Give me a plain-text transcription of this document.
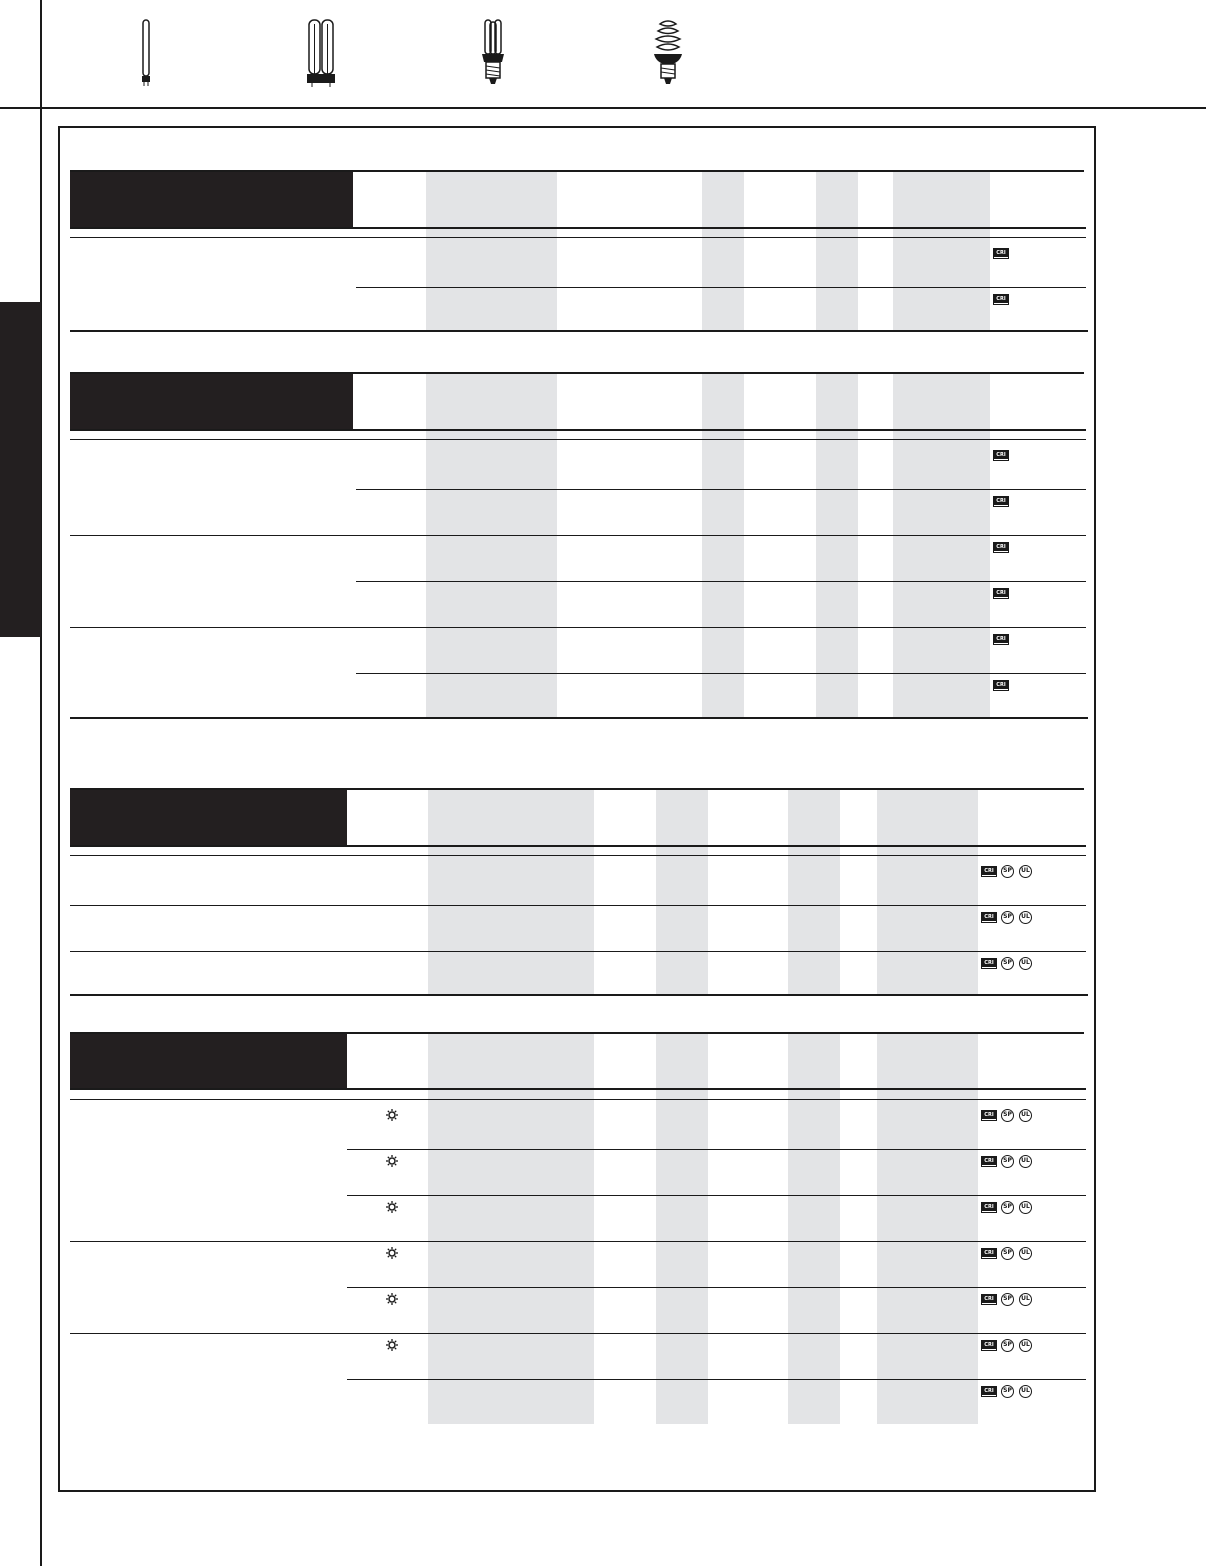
CRI
CRI
CRI
CRI
CRI
CRI
CRI
CRI
CRI	SP	UL
CRI	SP	UL
CRI	SP	UL
CRI	SP	UL
CRI	SP	UL
CRI	SP	UL
CRI	SP	UL
CRI	SP	UL
CRI	SP	UL
CRI	SP	UL
